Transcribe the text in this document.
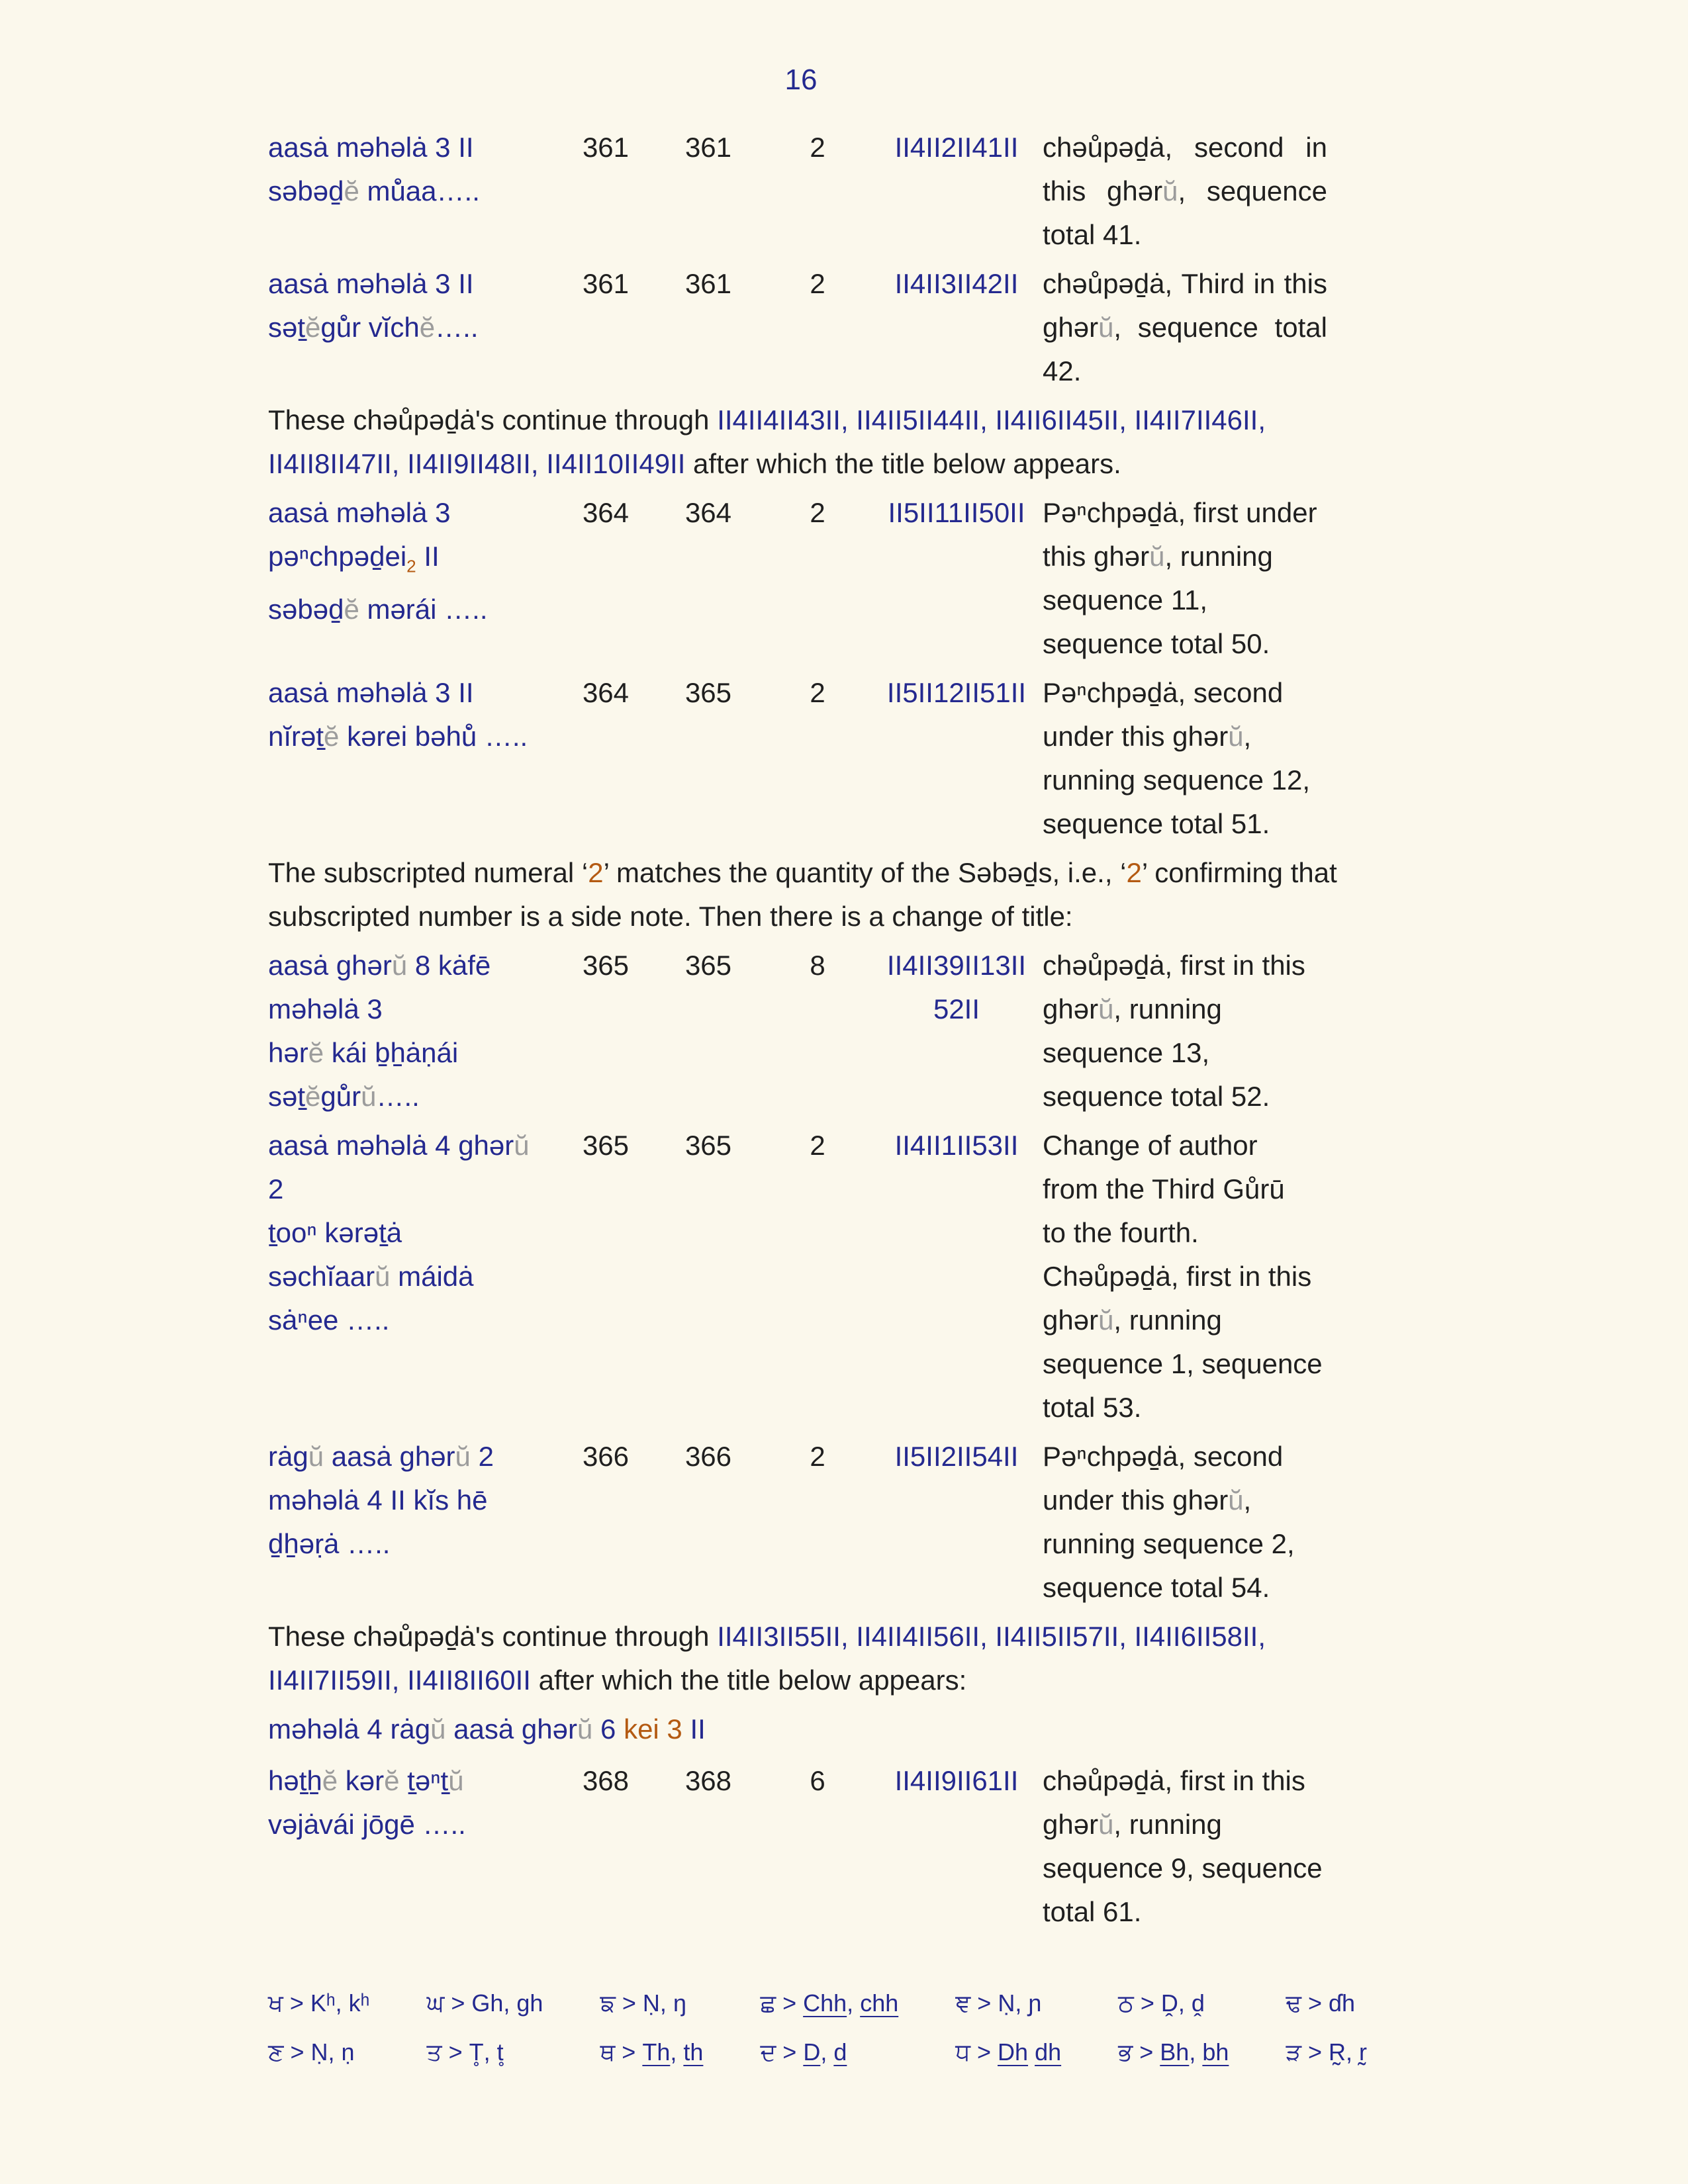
16
aasȧ məhəlȧ 3 II
səbəd̠ĕ mů̇aa…..
361	361	2	II4II2II41II chəůpəd̠ȧ, second in
this ghərŭ, sequence
total 41.
aasȧ məhəlȧ 3 II
sət̠ĕgů̇r vĭchĕ…..
361	361	2	II4II3II42II chəůpəd̠ȧ, Third in this
ghərŭ, sequence total
42.
These chəůpəd̠ȧ's continue through II4II4II43II, II4II5II44II, II4II6II45II, II4II7II46II, II4II8II47II, II4II9II48II, II4II10II49II after which the title below appears.
aasȧ məhəlȧ 3
$pə^nchpəd̠ei_2$ II
səbəd̠ĕ mərái …..
364	364	2	II5II11II50II Pəⁿchpəd̠ȧ, first under
this ghərŭ, running
sequence 11,
sequence total 50.
aasȧ məhəlȧ 3 II
nĭrət̠ĕ kərei bəhů̇ …..
364	365	2	II5II12II51II Pəⁿchpəd̠ȧ, second
under this ghərŭ,
running sequence 12,
sequence total 51.
The subscripted numeral ‘2’ matches the quantity of the Səbəd̠s, i.e., ‘2’ confirming that subscripted number is a side note. Then there is a change of title:
aasȧ ghərŭ 8 kȧfē
məhəlȧ 3
hərĕ kái b̠h̠ȧṇái
sət̠ĕgů̇rŭ…..
365	365	8	II4II39II13II
52II
chəůpəd̠ȧ, first in this
ghərŭ, running
sequence 13,
sequence total 52.
aasȧ məhəlȧ 4 ghərŭ
2
t̠ooⁿ kərət̠ȧ
səchĭaarŭ máidȧ
sȧⁿee …..
365	365	2	II4II1II53II Change of author
from the Third Gůrū
to the fourth.
Chəůpəd̠ȧ, first in this
ghərŭ, running
sequence 1, sequence
total 53.
rȧgŭ aasȧ ghərŭ 2
məhəlȧ 4 II kĭs hē
d̠h̠əṛȧ …..
366	366	2	II5II2II54II Pəⁿchpəd̠ȧ, second
under this ghərŭ,
running sequence 2,
sequence total 54.
These chəůpəd̠ȧ's continue through II4II3II55II, II4II4II56II, II4II5II57II, II4II6II58II, II4II7II59II, II4II8II60II after which the title below appears:
məhəlȧ 4 rȧgŭ aasȧ ghərŭ 6 kei 3 II
hət̠h̠ĕ kərĕ t̠əⁿt̠ŭ
vəjȧvái jōgē …..
368	368	6	II4II9II61II chəůpəd̠ȧ, first in this
ghərŭ, running
sequence 9, sequence
total 61.
ਖ > Kʰ, kʰ ਘ > Gh, gh ਙ > Ṇ, ŋ	ਛ > Chh, chh ਞ > Ṇ, ɲ	ਠ > Ḓ, ḓ	ਢ > ɗh
ਣ > Ṇ, ṇ	ਤ > T̥, t̥	ਥ > Th, th ਦ > D, d	ਧ > Dh dh ਭ > Bh, bh ੜ > R̰, r̰
